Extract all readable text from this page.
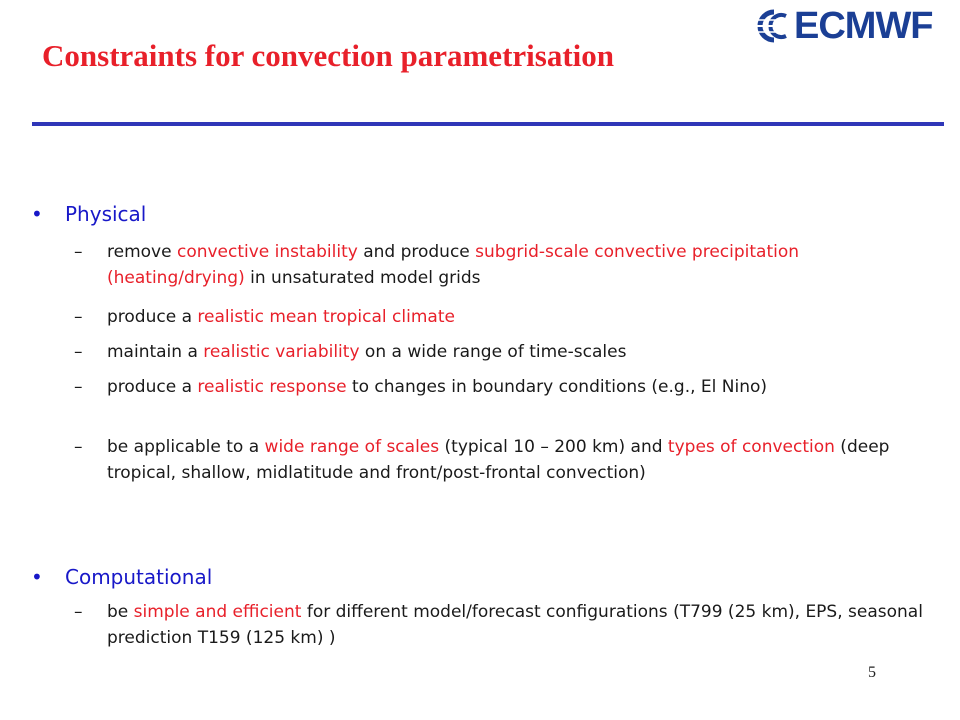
Constraints for convection parametrisation
ECMWF
• Physical
– remove convective instability and produce subgrid-scale convective precipitation (heating/drying) in unsaturated model grids
– produce a realistic mean tropical climate
– maintain a realistic variability on a wide range of time-scales
– produce a realistic response to changes in boundary conditions (e.g., El Nino)
– be applicable to a wide range of scales (typical 10 – 200 km) and types of convection (deep tropical, shallow, midlatitude and front/post-frontal convection)
• Computational
– be simple and efficient for different model/forecast configurations (T799 (25 km), EPS, seasonal prediction T159 (125 km) )
5
